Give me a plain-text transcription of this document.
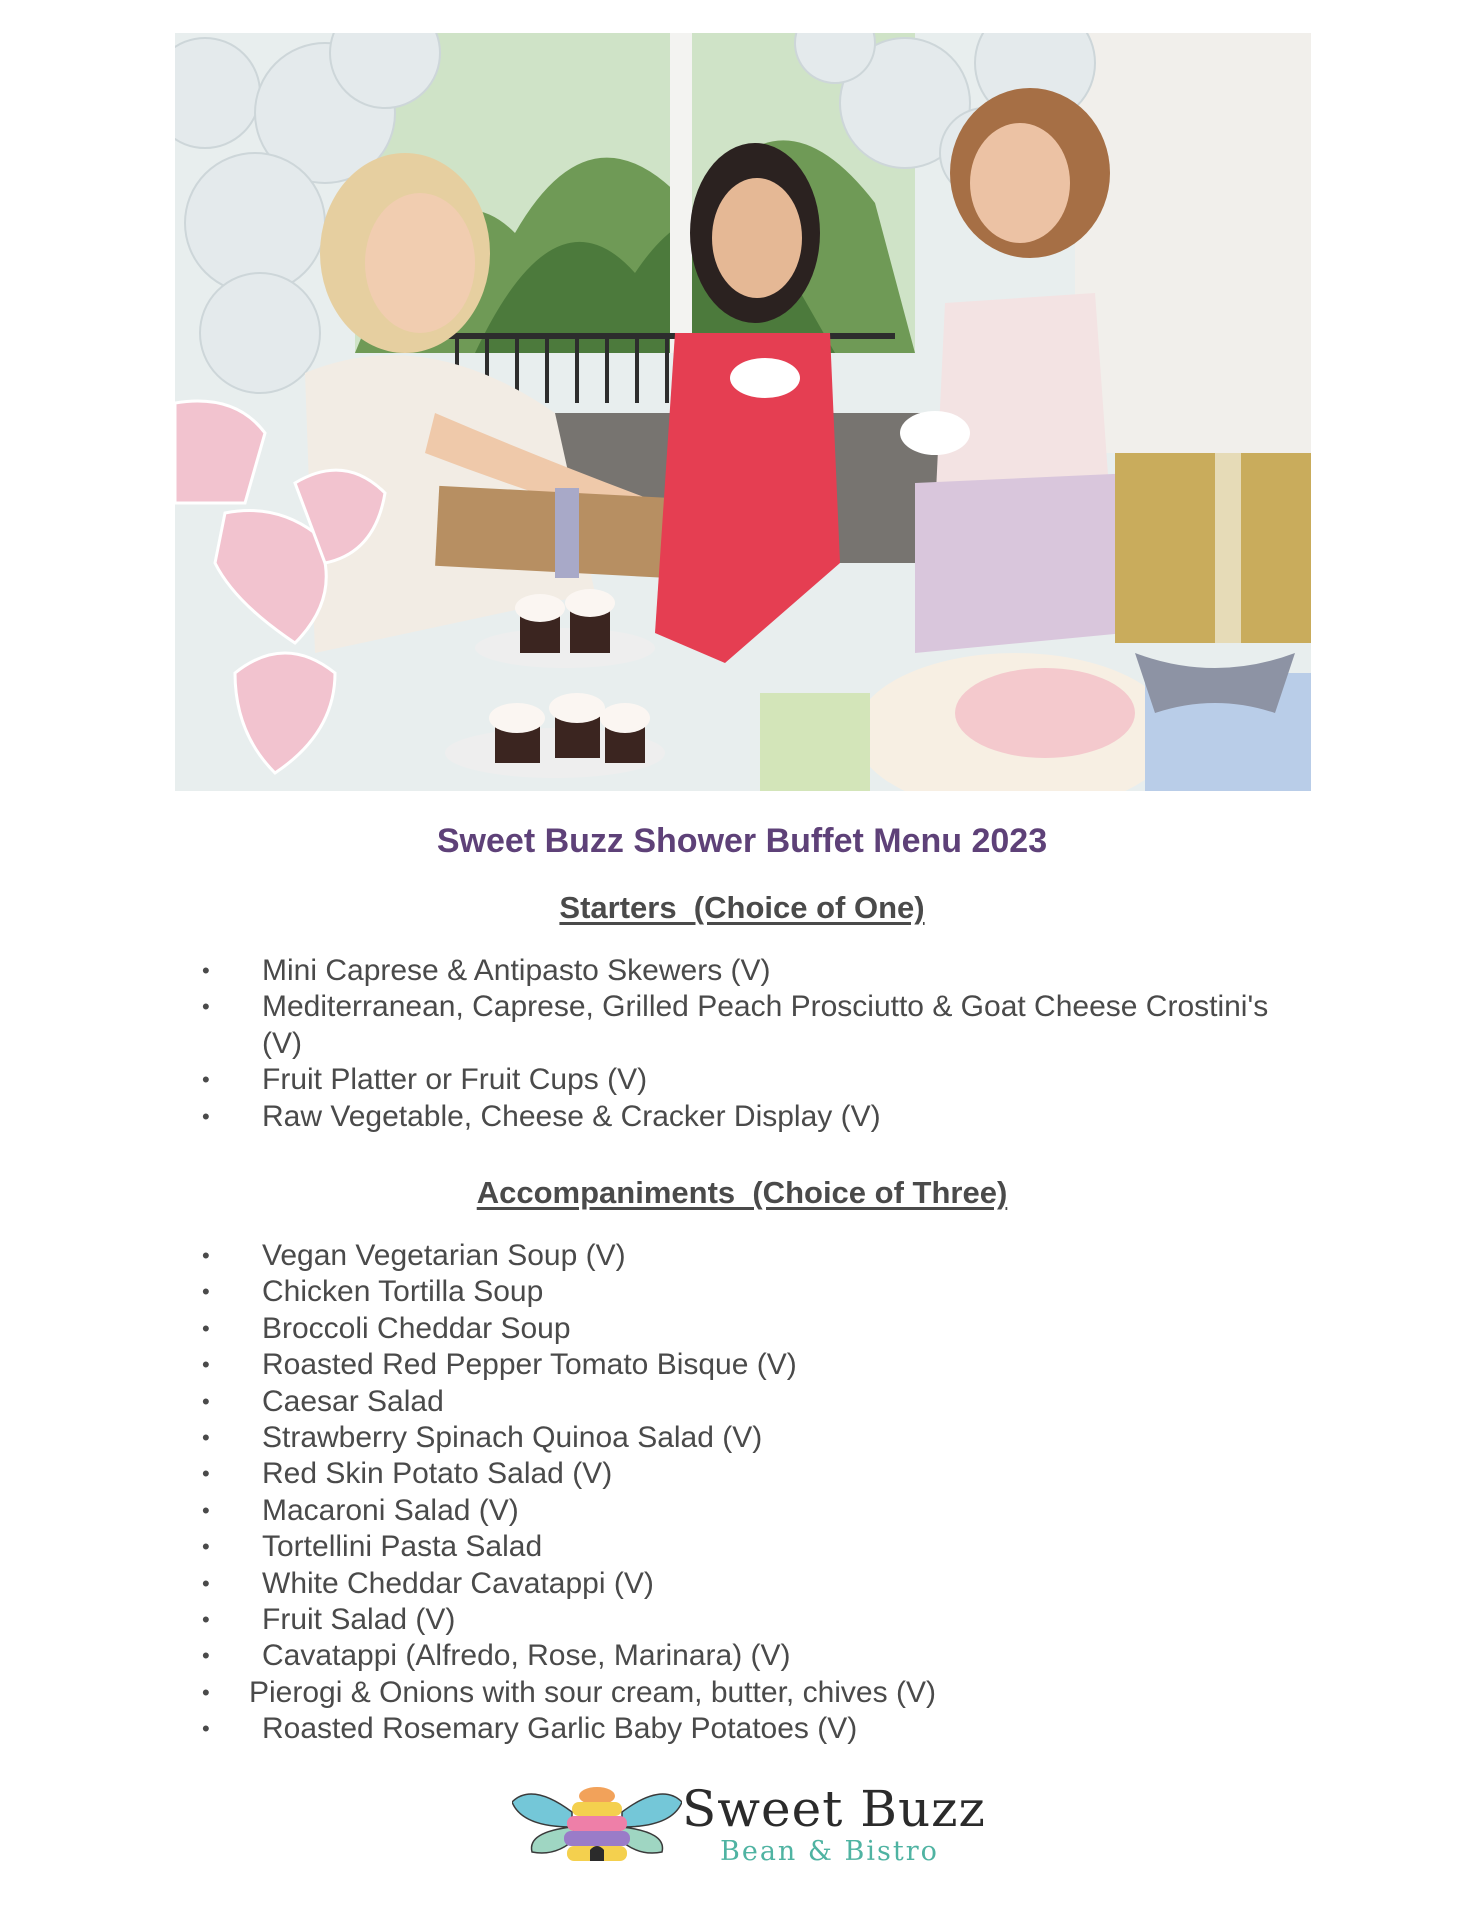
Sweet Buzz Shower Buffet Menu 2023
Starters  (Choice of One)
• Mini Caprese & Antipasto Skewers (V)
• Mediterranean, Caprese, Grilled Peach Prosciutto & Goat Cheese Crostini's (V)
• Fruit Platter or Fruit Cups (V)
• Raw Vegetable, Cheese & Cracker Display (V)
Accompaniments  (Choice of Three)
• Vegan Vegetarian Soup (V)
• Chicken Tortilla Soup
• Broccoli Cheddar Soup
• Roasted Red Pepper Tomato Bisque (V)
• Caesar Salad
• Strawberry Spinach Quinoa Salad (V)
• Red Skin Potato Salad (V)
• Macaroni Salad (V)
• Tortellini Pasta Salad
• White Cheddar Cavatappi (V)
• Fruit Salad (V)
• Cavatappi (Alfredo, Rose, Marinara) (V)
• Pierogi & Onions with sour cream, butter, chives (V)
• Roasted Rosemary Garlic Baby Potatoes (V)
Sweet Buzz
Bean & Bistro
